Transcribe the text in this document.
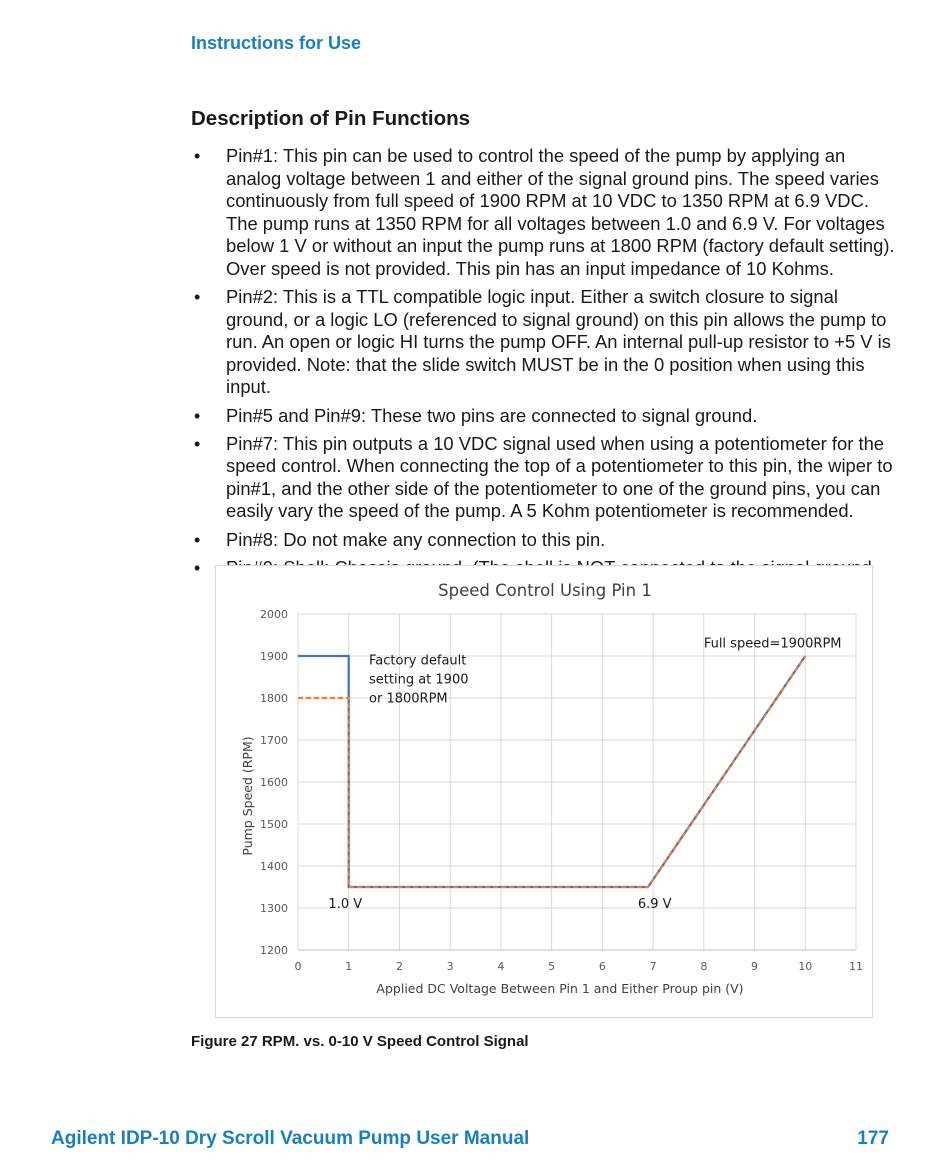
Instructions for Use
Description of Pin Functions
• Pin#1: This pin can be used to control the speed of the pump by applying an analog voltage between 1 and either of the signal ground pins. The speed varies continuously from full speed of 1900 RPM at 10 VDC to 1350 RPM at 6.9 VDC. The pump runs at 1350 RPM for all voltages between 1.0 and 6.9 V. For voltages below 1 V or without an input the pump runs at 1800 RPM (factory default setting). Over speed is not provided. This pin has an input impedance of 10 Kohms.
• Pin#2: This is a TTL compatible logic input. Either a switch closure to signal ground, or a logic LO (referenced to signal ground) on this pin allows the pump to run. An open or logic HI turns the pump OFF. An internal pull-up resistor to +5 V is provided. Note: that the slide switch MUST be in the 0 position when using this input.
• Pin#5 and Pin#9: These two pins are connected to signal ground.
• Pin#7: This pin outputs a 10 VDC signal used when using a potentiometer for the speed control. When connecting the top of a potentiometer to this pin, the wiper to pin#1, and the other side of the potentiometer to one of the ground pins, you can easily vary the speed of the pump. A 5 Kohm potentiometer is recommended.
• Pin#8: Do not make any connection to this pin.
•
1200
1300
1400
1500
1600
1700
1800
1900
2000
0	1	2	3	4	5	6	7	8	9	10	11
Factory default setting at 1900 or 1800RPM
Full speed=1900RPM
1.0 V	6.9 V
Speed Control Using Pin 1
Applied DC Voltage Between Pin 1 and Either Proup pin (V)
Pump Speed (RPM)
Figure 27 RPM. vs. 0-10 V Speed Control Signal
Agilent IDP-10 Dry Scroll Vacuum Pump User Manual	177
